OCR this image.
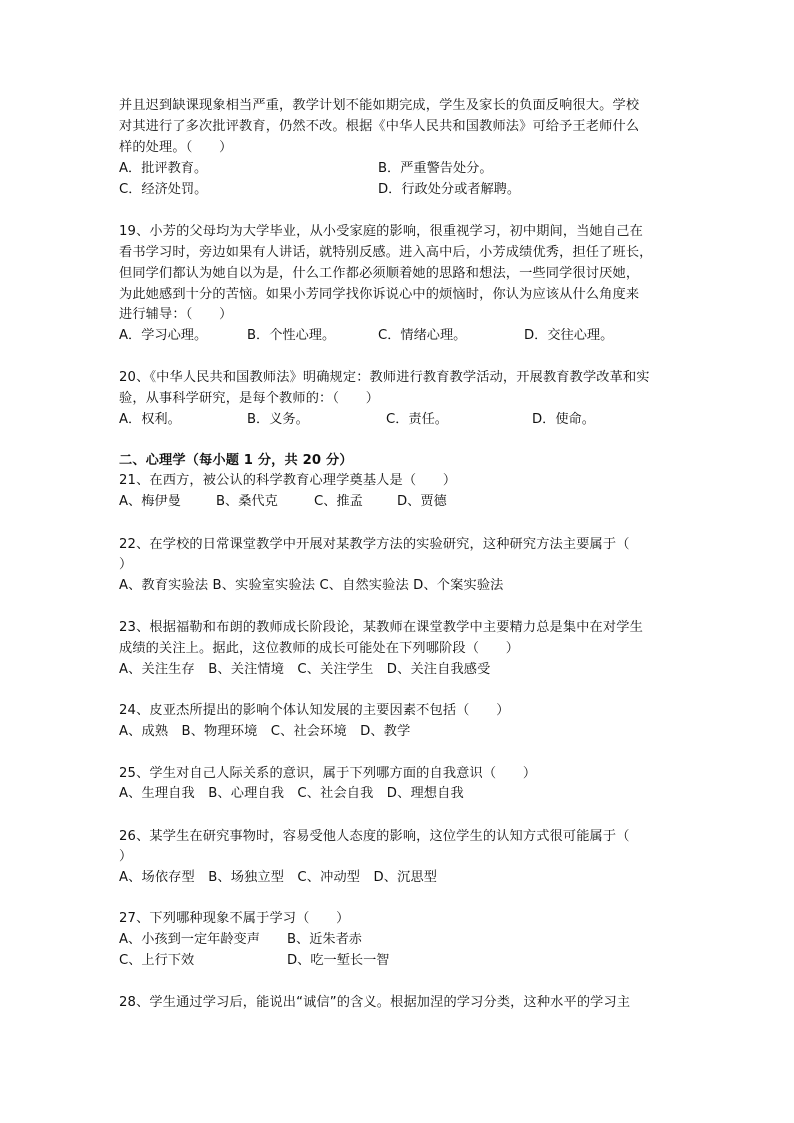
并且迟到缺课现象相当严重，教学计划不能如期完成，学生及家长的负面反响很大。学校
对其进行了多次批评教育，仍然不改。根据《中华人民共和国教师法》可给予王老师什么
样的处理。（　　）
A．批评教育。	B．严重警告处分。
C．经济处罚。	D．行政处分或者解聘。
19、小芳的父母均为大学毕业，从小受家庭的影响，很重视学习，初中期间，当她自己在
看书学习时，旁边如果有人讲话，就特别反感。进入高中后，小芳成绩优秀，担任了班长，
但同学们都认为她自以为是，什么工作都必须顺着她的思路和想法，一些同学很讨厌她，
为此她感到十分的苦恼。如果小芳同学找你诉说心中的烦恼时，你认为应该从什么角度来
进行辅导：（　　）
A．学习心理。	B．个性心理。	C．情绪心理。	D．交往心理。
20、《中华人民共和国教师法》明确规定：教师进行教育教学活动，开展教育教学改革和实
验，从事科学研究，是每个教师的：（　　）
A．权利。	B．义务。	C．责任。	D．使命。
二、心理学（每小题 1 分，共 20 分）
21、在西方，被公认的科学教育心理学奠基人是（　　）
A、梅伊曼	B、桑代克	C、推孟	D、贾德
22、在学校的日常课堂教学中开展对某教学方法的实验研究，这种研究方法主要属于（
）
A、教育实验法 B、实验室实验法 C、自然实验法 D、个案实验法
23、根据福勒和布朗的教师成长阶段论，某教师在课堂教学中主要精力总是集中在对学生
成绩的关注上。据此，这位教师的成长可能处在下列哪阶段（　　）
A、关注生存　B、关注情境　C、关注学生　D、关注自我感受
24、皮亚杰所提出的影响个体认知发展的主要因素不包括（　　）
A、成熟　B、物理环境　C、社会环境　D、教学
25、学生对自己人际关系的意识，属于下列哪方面的自我意识（　　）
A、生理自我　B、心理自我　C、社会自我　D、理想自我
26、某学生在研究事物时，容易受他人态度的影响，这位学生的认知方式很可能属于（
）
A、场依存型　B、场独立型　C、冲动型　D、沉思型
27、下列哪种现象不属于学习（　　）
A、小孩到一定年龄变声 B、近朱者赤
C、上行下效	D、吃一堑长一智
28、学生通过学习后，能说出“诚信”的含义。根据加涅的学习分类，这种水平的学习主
